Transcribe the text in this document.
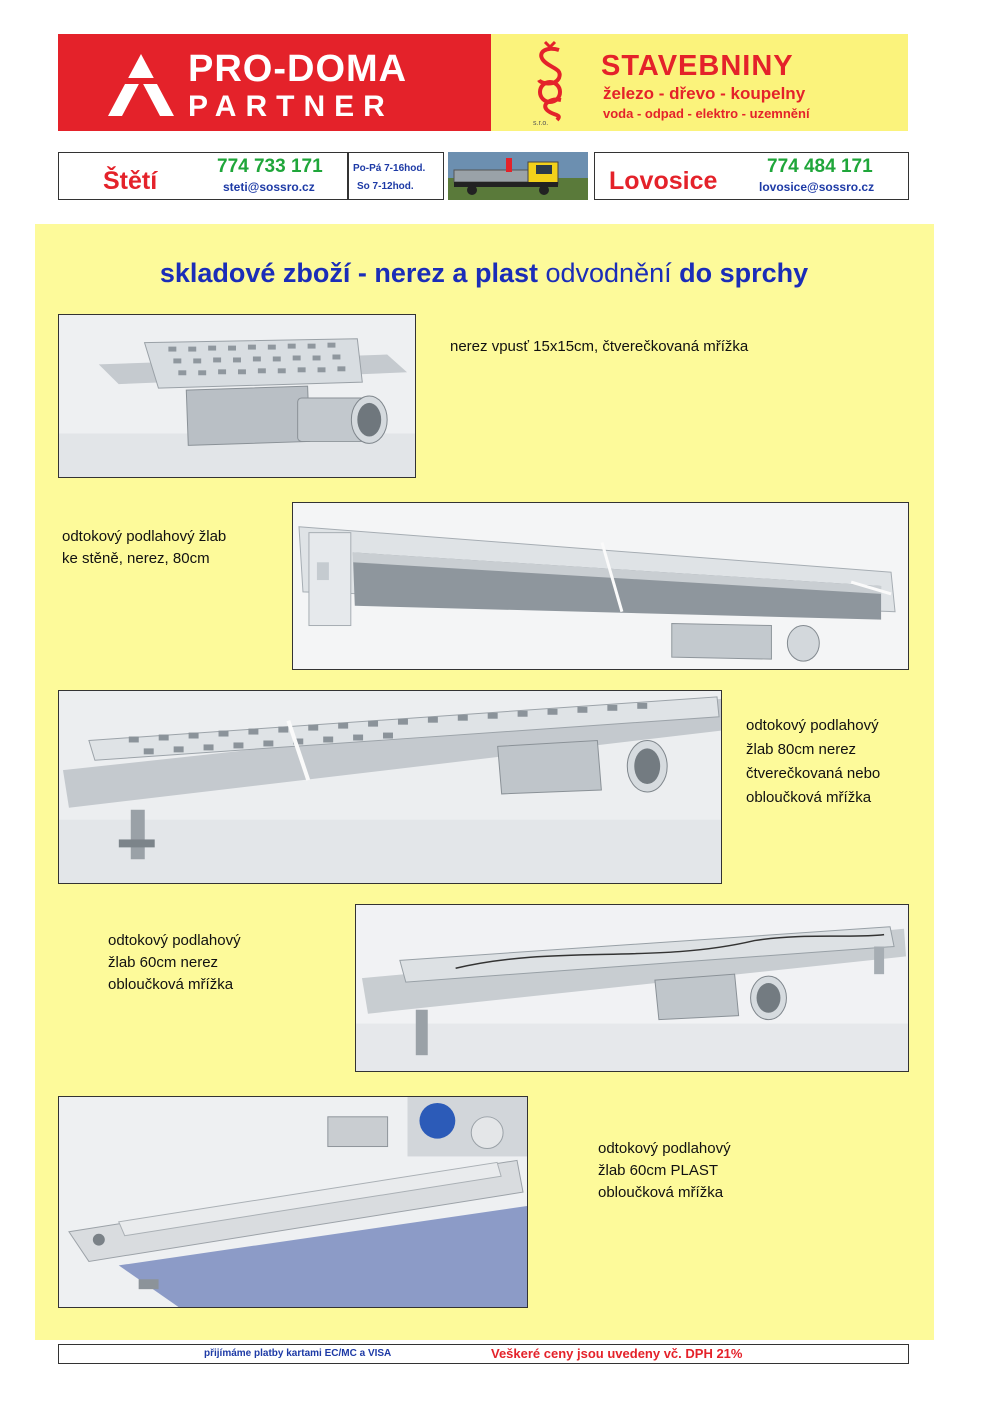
PRO-DOMA
PARTNER
s.r.o.
STAVEBNINY
železo - dřevo - koupelny
voda - odpad - elektro - uzemnění
Štětí
774 733 171
steti@sossro.cz
Po-Pá 7-16hod.
So 7-12hod.	Lovosice
774 484 171
lovosice@sossro.cz
skladové zboží - nerez a plast odvodnění do sprchy
nerez vpusť 15x15cm, čtverečkovaná mřížka
odtokový podlahový žlab
ke stěně, nerez, 80cm
odtokový podlahový
žlab 80cm nerez
čtverečkovaná nebo
obloučková mřížka
odtokový podlahový
žlab 60cm nerez
obloučková mřížka
odtokový podlahový
žlab 60cm PLAST
obloučková mřížka
přijímáme platby kartami EC/MC a VISA	Veškeré ceny jsou uvedeny vč. DPH 21%
